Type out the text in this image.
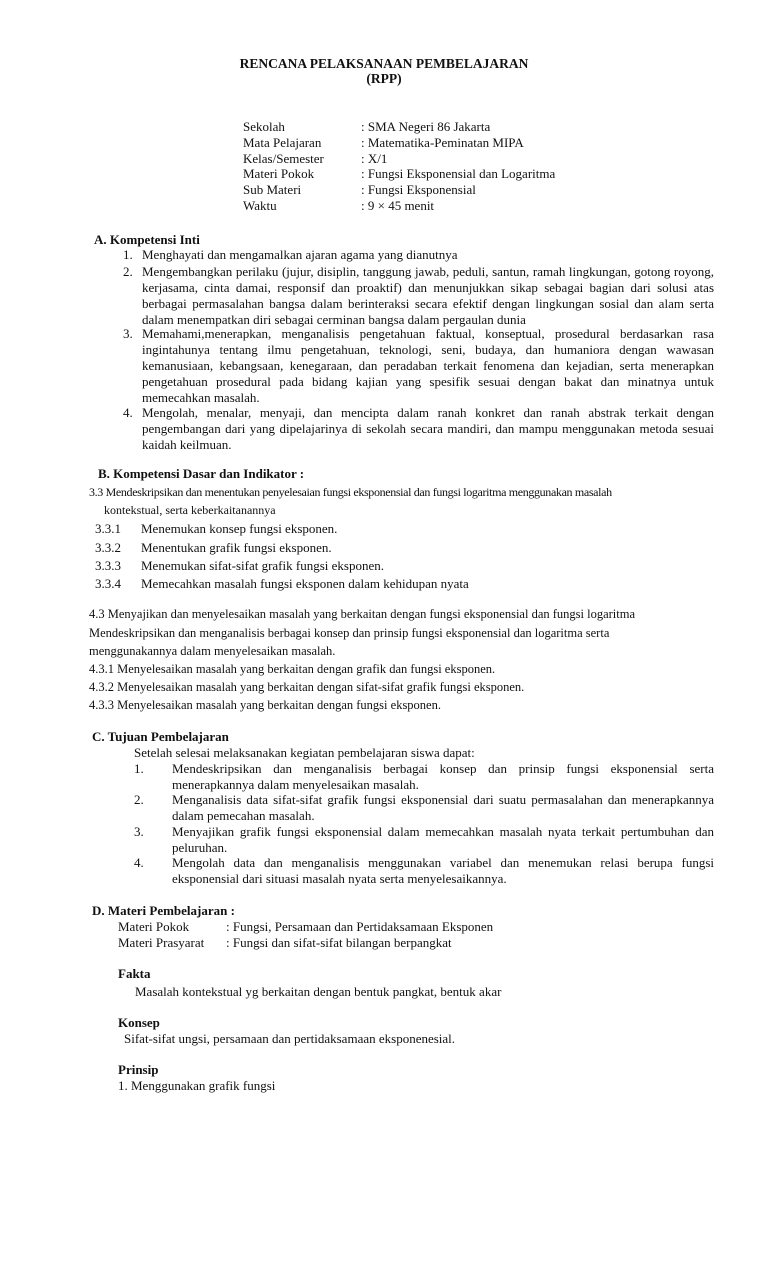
RENCANA PELAKSANAAN PEMBELAJARAN
(RPP)
Sekolah	: SMA Negeri 86 Jakarta
Mata Pelajaran	: Matematika-Peminatan MIPA
Kelas/Semester	: X/1
Materi Pokok	: Fungsi Eksponensial dan Logaritma
Sub Materi	: Fungsi Eksponensial
Waktu	: 9 × 45 menit
A. Kompetensi Inti
1. Menghayati dan mengamalkan ajaran agama yang dianutnya
2. Mengembangkan perilaku (jujur, disiplin, tanggung jawab, peduli, santun, ramah lingkungan, gotong royong, kerjasama, cinta damai, responsif dan proaktif) dan menunjukkan sikap sebagai bagian dari solusi atas berbagai permasalahan bangsa dalam berinteraksi secara efektif dengan lingkungan sosial dan alam serta dalam menempatkan diri sebagai cerminan bangsa dalam pergaulan dunia
3. Memahami,menerapkan, menganalisis pengetahuan faktual, konseptual, prosedural berdasarkan rasa ingintahunya tentang ilmu pengetahuan, teknologi, seni, budaya, dan humaniora dengan wawasan kemanusiaan, kebangsaan, kenegaraan, dan peradaban terkait fenomena dan kejadian, serta menerapkan pengetahuan prosedural pada bidang kajian yang spesifik sesuai dengan bakat dan minatnya untuk memecahkan masalah.
4. Mengolah, menalar, menyaji, dan mencipta dalam ranah konkret dan ranah abstrak terkait dengan pengembangan dari yang dipelajarinya di sekolah secara mandiri, dan mampu menggunakan metoda sesuai kaidah keilmuan.
B. Kompetensi Dasar dan Indikator :
3.3 Mendeskripsikan dan menentukan penyelesaian fungsi eksponensial dan fungsi logaritma menggunakan masalah
kontekstual, serta keberkaitanannya
3.3.1 Menemukan konsep fungsi eksponen.
3.3.2 Menentukan grafik fungsi eksponen.
3.3.3 Menemukan sifat-sifat grafik fungsi eksponen.
3.3.4 Memecahkan masalah fungsi eksponen dalam kehidupan nyata
4.3 Menyajikan dan menyelesaikan masalah yang berkaitan dengan fungsi eksponensial dan fungsi logaritma
Mendeskripsikan dan menganalisis berbagai konsep dan prinsip fungsi eksponensial dan logaritma serta
menggunakannya dalam menyelesaikan masalah.
4.3.1 Menyelesaikan masalah yang berkaitan dengan grafik dan fungsi eksponen.
4.3.2 Menyelesaikan masalah yang berkaitan dengan sifat-sifat grafik fungsi eksponen.
4.3.3 Menyelesaikan masalah yang berkaitan dengan fungsi eksponen.
C. Tujuan Pembelajaran
Setelah selesai melaksanakan kegiatan pembelajaran siswa dapat:
1. Mendeskripsikan dan menganalisis berbagai konsep dan prinsip fungsi eksponensial serta menerapkannya dalam menyelesaikan masalah.
2. Menganalisis data sifat-sifat grafik fungsi eksponensial dari suatu permasalahan dan menerapkannya dalam pemecahan masalah.
3. Menyajikan grafik fungsi eksponensial dalam memecahkan masalah nyata terkait pertumbuhan dan peluruhan.
4. Mengolah data dan menganalisis menggunakan variabel dan menemukan relasi berupa fungsi eksponensial dari situasi masalah nyata serta menyelesaikannya.
D. Materi Pembelajaran :
Materi Pokok	: Fungsi, Persamaan dan Pertidaksamaan Eksponen
Materi Prasyarat : Fungsi dan sifat-sifat bilangan berpangkat
Fakta
Masalah kontekstual yg berkaitan dengan bentuk pangkat, bentuk akar
Konsep
Sifat-sifat ungsi, persamaan dan pertidaksamaan eksponenesial.
Prinsip
1. Menggunakan grafik fungsi
